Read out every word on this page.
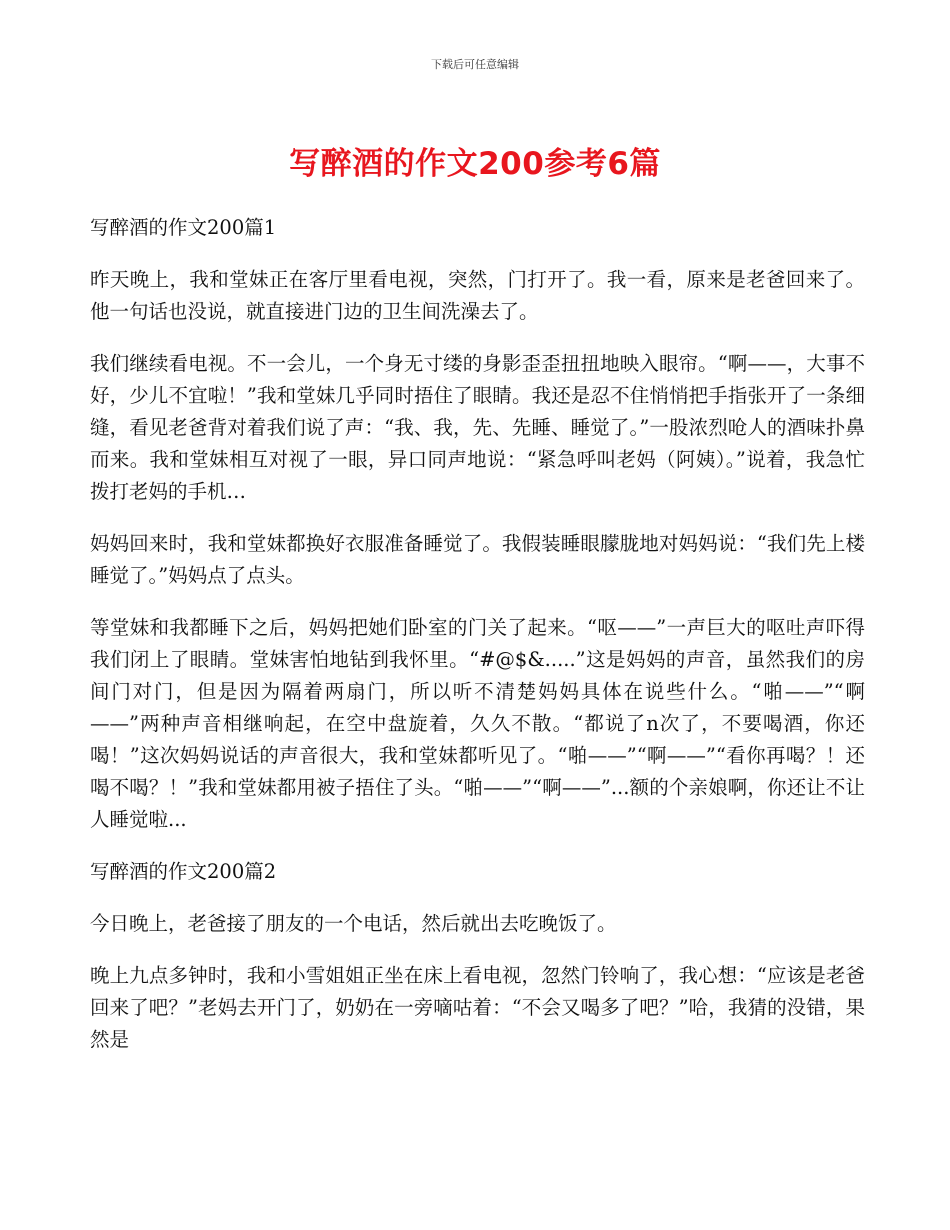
下载后可任意编辑
写醉酒的作文200参考6篇

写醉酒的作文200篇1

昨天晚上，我和堂妹正在客厅里看电视，突然，门打开了。我一看，原来是老爸回来了。他一句话也没说，就直接进门边的卫生间洗澡去了。

我们继续看电视。不一会儿，一个身无寸缕的身影歪歪扭扭地映入眼帘。“啊——，大事不好，少儿不宜啦！”我和堂妹几乎同时捂住了眼睛。我还是忍不住悄悄把手指张开了一条细缝，看见老爸背对着我们说了声：“我、我，先、先睡、睡觉了。”一股浓烈呛人的酒味扑鼻而来。我和堂妹相互对视了一眼，异口同声地说：“紧急呼叫老妈（阿姨）。”说着，我急忙拨打老妈的手机…

妈妈回来时，我和堂妹都换好衣服准备睡觉了。我假装睡眼朦胧地对妈妈说：“我们先上楼睡觉了。”妈妈点了点头。

等堂妹和我都睡下之后，妈妈把她们卧室的门关了起来。“呕——”一声巨大的呕吐声吓得我们闭上了眼睛。堂妹害怕地钻到我怀里。“#@$&.....”这是妈妈的声音，虽然我们的房间门对门，但是因为隔着两扇门，所以听不清楚妈妈具体在说些什么。“啪——”“啊——”两种声音相继响起，在空中盘旋着，久久不散。“都说了n次了，不要喝酒，你还喝！”这次妈妈说话的声音很大，我和堂妹都听见了。“啪——”“啊——”“看你再喝？！还喝不喝？！”我和堂妹都用被子捂住了头。“啪——”“啊——”...额的个亲娘啊，你还让不让人睡觉啦...

写醉酒的作文200篇2

今日晚上，老爸接了朋友的一个电话，然后就出去吃晚饭了。

晚上九点多钟时，我和小雪姐姐正坐在床上看电视，忽然门铃响了，我心想：“应该是老爸回来了吧？”老妈去开门了，奶奶在一旁嘀咕着：“不会又喝多了吧？”哈，我猜的没错，果然是
